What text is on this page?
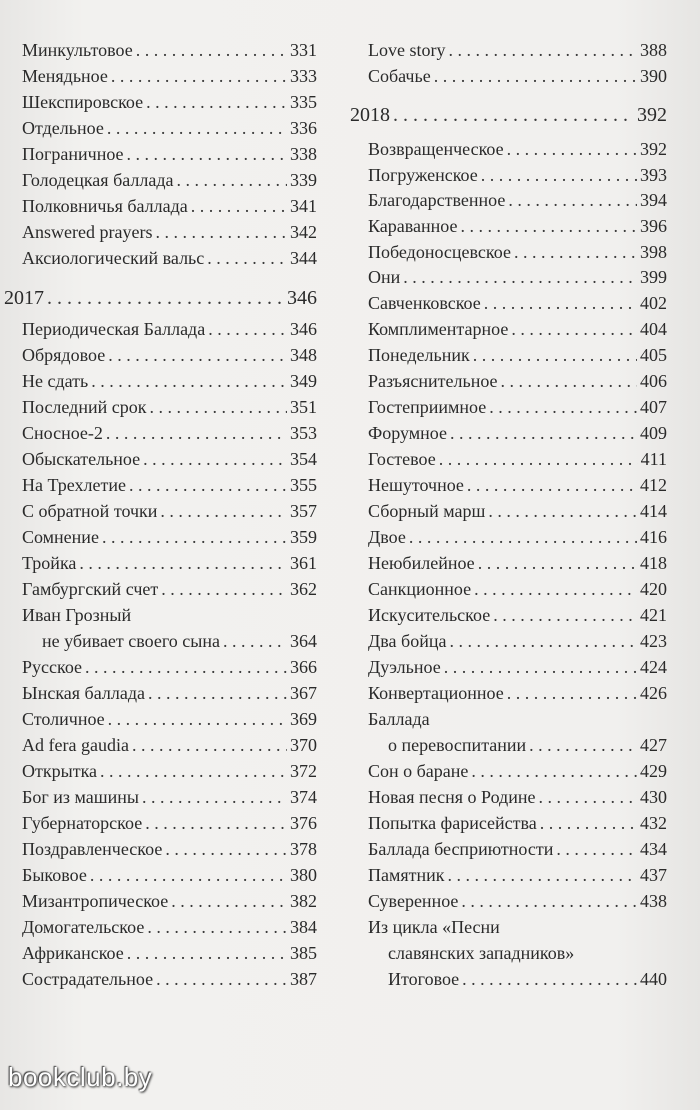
Минкультовое . . .	331
Менядьное . . .	333
Шекспировское . . .	335
Отдельное . . .	336
Пограничное . . .	338
Голодецкая баллада . . .	339
Полковничья баллада . . .	341
Answered prayers . . .	342
Аксиологический вальс . . .	344
2017 . . .	346
Периодическая Баллада . . .	346
Обрядовое . . .	348
Не сдать . . .	349
Последний срок . . .	351
Сносное-2 . . .	353
Обыскательное . . .	354
На Трехлетие . . .	355
С обратной точки . . .	357
Сомнение . . .	359
Тройка . . .	361
Гамбургский счет . . .	362
Иван Грозный
не убивает своего сына . . .	364
Русское . . .	366
Ынская баллада . . .	367
Столичное . . .	369
Ad fera gaudia . . .	370
Открытка . . .	372
Бог из машины . . .	374
Губернаторское . . .	376
Поздравленческое . . .	378
Быковое . . .	380
Мизантропическое . . .	382
Домогательское . . .	384
Африканское . . .	385
Сострадательное . . .	387
Love story . . .	388
Собачье . . .	390
2018 . . .	392
Возвращенческое . . .	392
Погруженское . . .	393
Благодарственное . . .	394
Караванное . . .	396
Победоносцевское . . .	398
Они . . .	399
Савченковское . . .	402
Комплиментарное . . .	404
Понедельник . . .	405
Разъяснительное . . .	406
Гостеприимное . . .	407
Форумное . . .	409
Гостевое . . .	411
Нешуточное . . .	412
Сборный марш . . .	414
Двое . . .	416
Неюбилейное . . .	418
Санкционное . . .	420
Искусительское . . .	421
Два бойца . . .	423
Дуэльное . . .	424
Конвертационное . . .	426
Баллада
о перевоспитании . . .	427
Сон о баране . . .	429
Новая песня о Родине . . .	430
Попытка фарисейства . . .	432
Баллада бесприютности . . .	434
Памятник . . .	437
Суверенное . . .	438
Из цикла «Песни
славянских западников»
Итоговое . . .	440
bookclub.by
